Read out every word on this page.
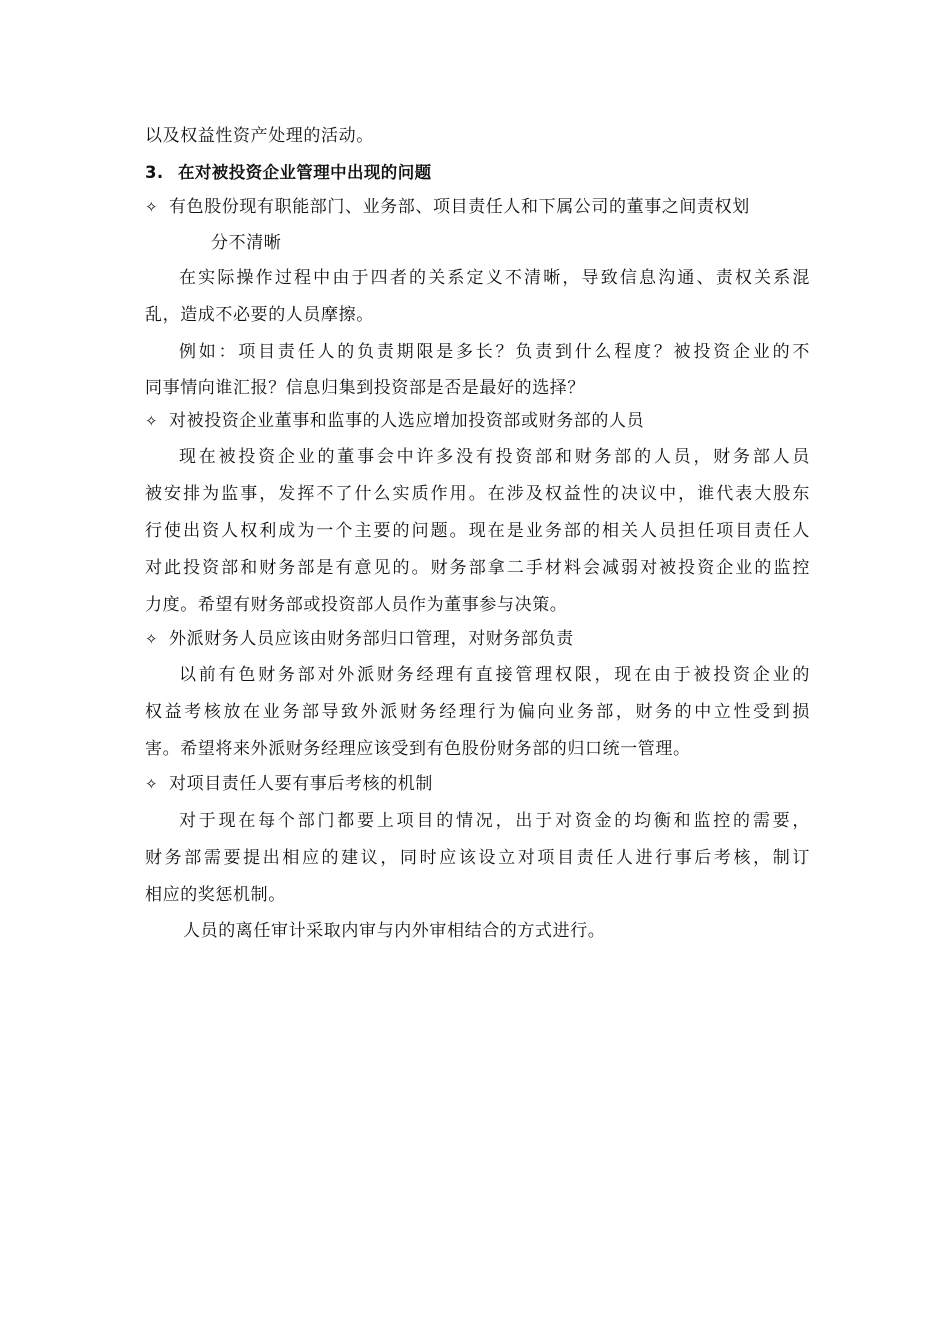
以及权益性资产处理的活动。
3. 在对被投资企业管理中出现的问题
✧ 有色股份现有职能部门、业务部、项目责任人和下属公司的董事之间责权划
分不清晰
在实际操作过程中由于四者的关系定义不清晰，导致信息沟通、责权关系混
乱，造成不必要的人员摩擦。
例如：项目责任人的负责期限是多长？负责到什么程度？被投资企业的不
同事情向谁汇报？信息归集到投资部是否是最好的选择？
✧ 对被投资企业董事和监事的人选应增加投资部或财务部的人员
现在被投资企业的董事会中许多没有投资部和财务部的人员，财务部人员
被安排为监事，发挥不了什么实质作用。在涉及权益性的决议中，谁代表大股东
行使出资人权利成为一个主要的问题。现在是业务部的相关人员担任项目责任人
对此投资部和财务部是有意见的。财务部拿二手材料会减弱对被投资企业的监控
力度。希望有财务部或投资部人员作为董事参与决策。
✧ 外派财务人员应该由财务部归口管理，对财务部负责
以前有色财务部对外派财务经理有直接管理权限，现在由于被投资企业的
权益考核放在业务部导致外派财务经理行为偏向业务部，财务的中立性受到损
害。希望将来外派财务经理应该受到有色股份财务部的归口统一管理。
✧ 对项目责任人要有事后考核的机制
对于现在每个部门都要上项目的情况，出于对资金的均衡和监控的需要，
财务部需要提出相应的建议，同时应该设立对项目责任人进行事后考核，制订
相应的奖惩机制。
人员的离任审计采取内审与内外审相结合的方式进行。
